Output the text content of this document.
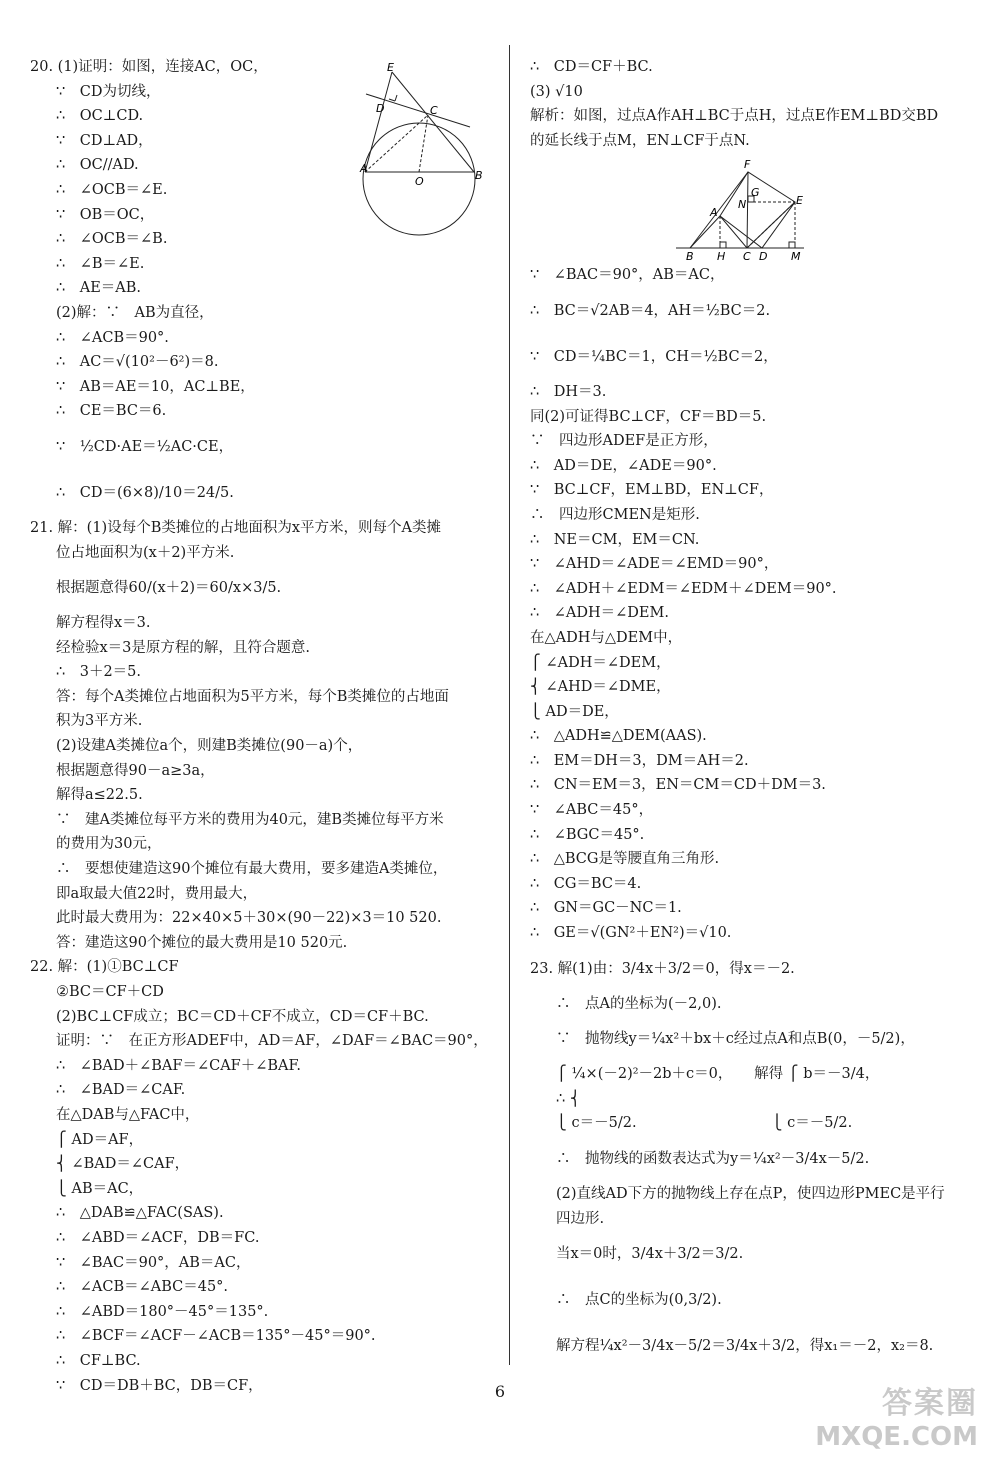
20. (1)证明：如图，连接AC，OC，
∵　CD为切线，
∴　OC⊥CD.
∵　CD⊥AD，
∴　OC//AD.
∴　∠OCB＝∠E.
∵　OB＝OC，
∴　∠OCB＝∠B.
∴　∠B＝∠E.
∴　AE＝AB.
(2)解：∵　AB为直径，
∴　∠ACB＝90°.
∴　AC＝√(10²－6²)＝8.
∵　AB＝AE＝10，AC⊥BE，
∴　CE＝BC＝6.
∵　½CD·AE＝½AC·CE，
∴　CD＝(6×8)/10＝24/5.
21. 解：(1)设每个B类摊位的占地面积为x平方米，则每个A类摊
位占地面积为(x＋2)平方米.
根据题意得60/(x＋2)＝60/x×3/5.
解方程得x＝3.
经检验x＝3是原方程的解，且符合题意.
∴　3＋2＝5.
答：每个A类摊位占地面积为5平方米，每个B类摊位的占地面
积为3平方米.
(2)设建A类摊位a个，则建B类摊位(90－a)个，
根据题意得90－a≥3a，
解得a≤22.5.
∵　建A类摊位每平方米的费用为40元，建B类摊位每平方米
的费用为30元，
∴　要想使建造这90个摊位有最大费用，要多建造A类摊位，
即a取最大值22时，费用最大，
此时最大费用为：22×40×5＋30×(90－22)×3＝10 520.
答：建造这90个摊位的最大费用是10 520元.
22. 解：(1)①BC⊥CF
②BC＝CF＋CD
(2)BC⊥CF成立；BC＝CD＋CF不成立，CD＝CF＋BC.
证明：∵　在正方形ADEF中，AD＝AF，∠DAF＝∠BAC＝90°，
∴　∠BAD＋∠BAF＝∠CAF＋∠BAF.
∴　∠BAD＝∠CAF.
在△DAB与△FAC中，
⎧ AD＝AF，
⎨ ∠BAD＝∠CAF，
⎩ AB＝AC，
∴　△DAB≌△FAC(SAS).
∴　∠ABD＝∠ACF，DB＝FC.
∵　∠BAC＝90°，AB＝AC，
∴　∠ACB＝∠ABC＝45°.
∴　∠ABD＝180°－45°＝135°.
∴　∠BCF＝∠ACF－∠ACB＝135°－45°＝90°.
∴　CF⊥BC.
∵　CD＝DB＋BC，DB＝CF，
∴　CD＝CF＋BC.
(3) √10
解析：如图，过点A作AH⊥BC于点H，过点E作EM⊥BD交BD
的延长线于点M，EN⊥CF于点N.
∵　∠BAC＝90°，AB＝AC，
∴　BC＝√2AB＝4，AH＝½BC＝2.
∵　CD＝¼BC＝1，CH＝½BC＝2，
∴　DH＝3.
同(2)可证得BC⊥CF，CF＝BD＝5.
∵　四边形ADEF是正方形，
∴　AD＝DE，∠ADE＝90°.
∵　BC⊥CF，EM⊥BD，EN⊥CF，
∴　四边形CMEN是矩形.
∴　NE＝CM，EM＝CN.
∵　∠AHD＝∠ADE＝∠EMD＝90°，
∴　∠ADH＋∠EDM＝∠EDM＋∠DEM＝90°.
∴　∠ADH＝∠DEM.
在△ADH与△DEM中，
⎧ ∠ADH＝∠DEM，
⎨ ∠AHD＝∠DME，
⎩ AD＝DE，
∴　△ADH≌△DEM(AAS).
∴　EM＝DH＝3，DM＝AH＝2.
∴　CN＝EM＝3，EN＝CM＝CD＋DM＝3.
∵　∠ABC＝45°，
∴　∠BGC＝45°.
∴　△BCG是等腰直角三角形.
∴　CG＝BC＝4.
∴　GN＝GC－NC＝1.
∴　GE＝√(GN²＋EN²)＝√10.
23. 解(1)由：3/4x＋3/2＝0，得x＝－2.
∴　点A的坐标为(－2,0).
∵　抛物线y＝¼x²＋bx＋c经过点A和点B(0，－5/2)，
⎧ ¼×(－2)²－2b＋c＝0，　　解得 ⎧ b＝－3/4，
∴ ⎨
⎩ c＝－5/2.　　　　　　　　　 ⎩ c＝－5/2.
∴　抛物线的函数表达式为y＝¼x²－3/4x－5/2.
(2)直线AD下方的抛物线上存在点P，使四边形PMEC是平行
四边形.
当x＝0时，3/4x＋3/2＝3/2.
∴　点C的坐标为(0,3/2).
解方程¼x²－3/4x－5/2＝3/4x＋3/2，得x₁＝－2，x₂＝8.
E
D	C
A
O	B
F
G
N
A
E
B H C D M
6	答案圈
MXQE.COM
